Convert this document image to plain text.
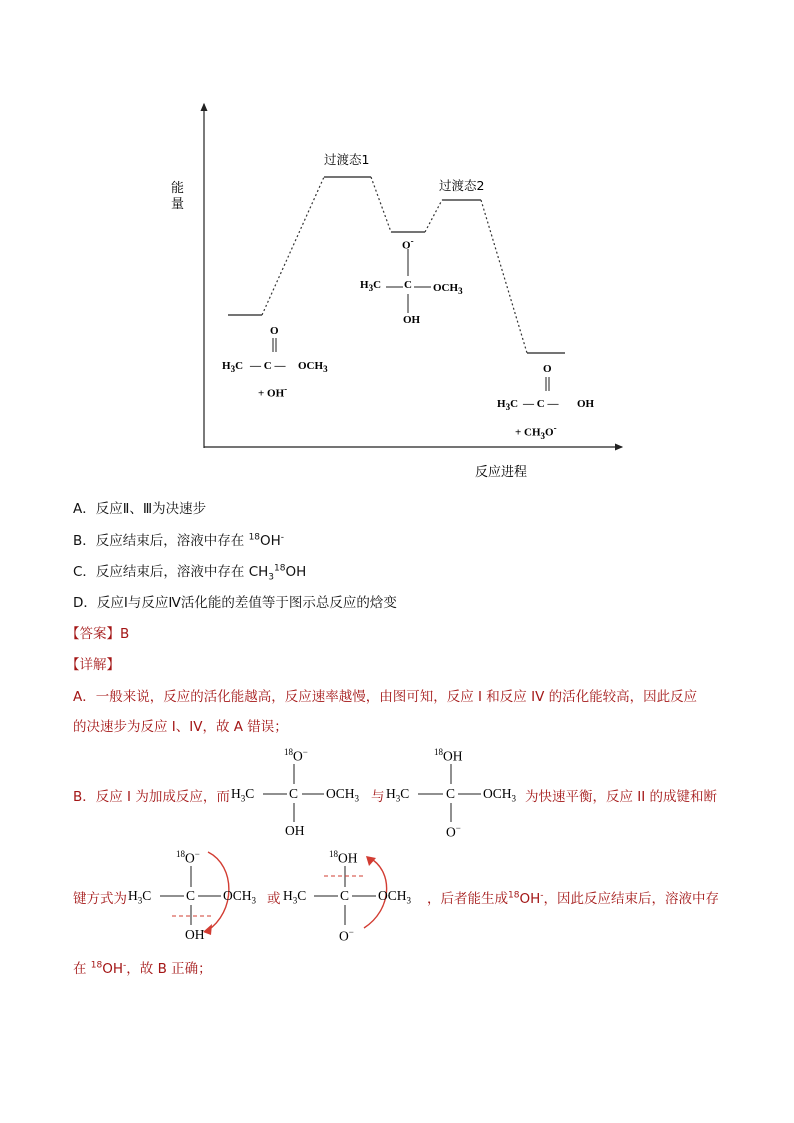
能
量
反应进程
过渡态1
过渡态2
O
$H_3C$ — C — $OCH_3$
+ OH-
O-
$H_3C$ C $OCH_3$
OH
O
$H_3C$ — C — OH
+ $CH_3O^-$
A．反应Ⅱ、Ⅲ为决速步
B．反应结束后，溶液中存在 $^{18}$OH-
C．反应结束后，溶液中存在 $CH_3^{18}OH$
D．反应Ⅰ与反应Ⅳ活化能的差值等于图示总反应的焓变
【答案】B
【详解】
A．一般来说，反应的活化能越高，反应速率越慢，由图可知，反应 I 和反应 IV 的活化能较高，因此反应
的决速步为反应 I、IV，故 A 错误；
B．反应 I 为加成反应，而	与	为快速平衡，反应 II 的成键和断
$^{18}$O−
$H_3C$	C $OCH_3$
OH
$^{18}$OH
$H_3C$	C $OCH_3$
O−
键方式为	或	，后者能生成$^{18}$OH-，因此反应结束后，溶液中存
$^{18}$O−
$H_3C$	C $OCH_3$
OH
$^{18}$OH
$H_3C$ C $OCH_3$
O−
在 $^{18}$OH-，故 B 正确；
